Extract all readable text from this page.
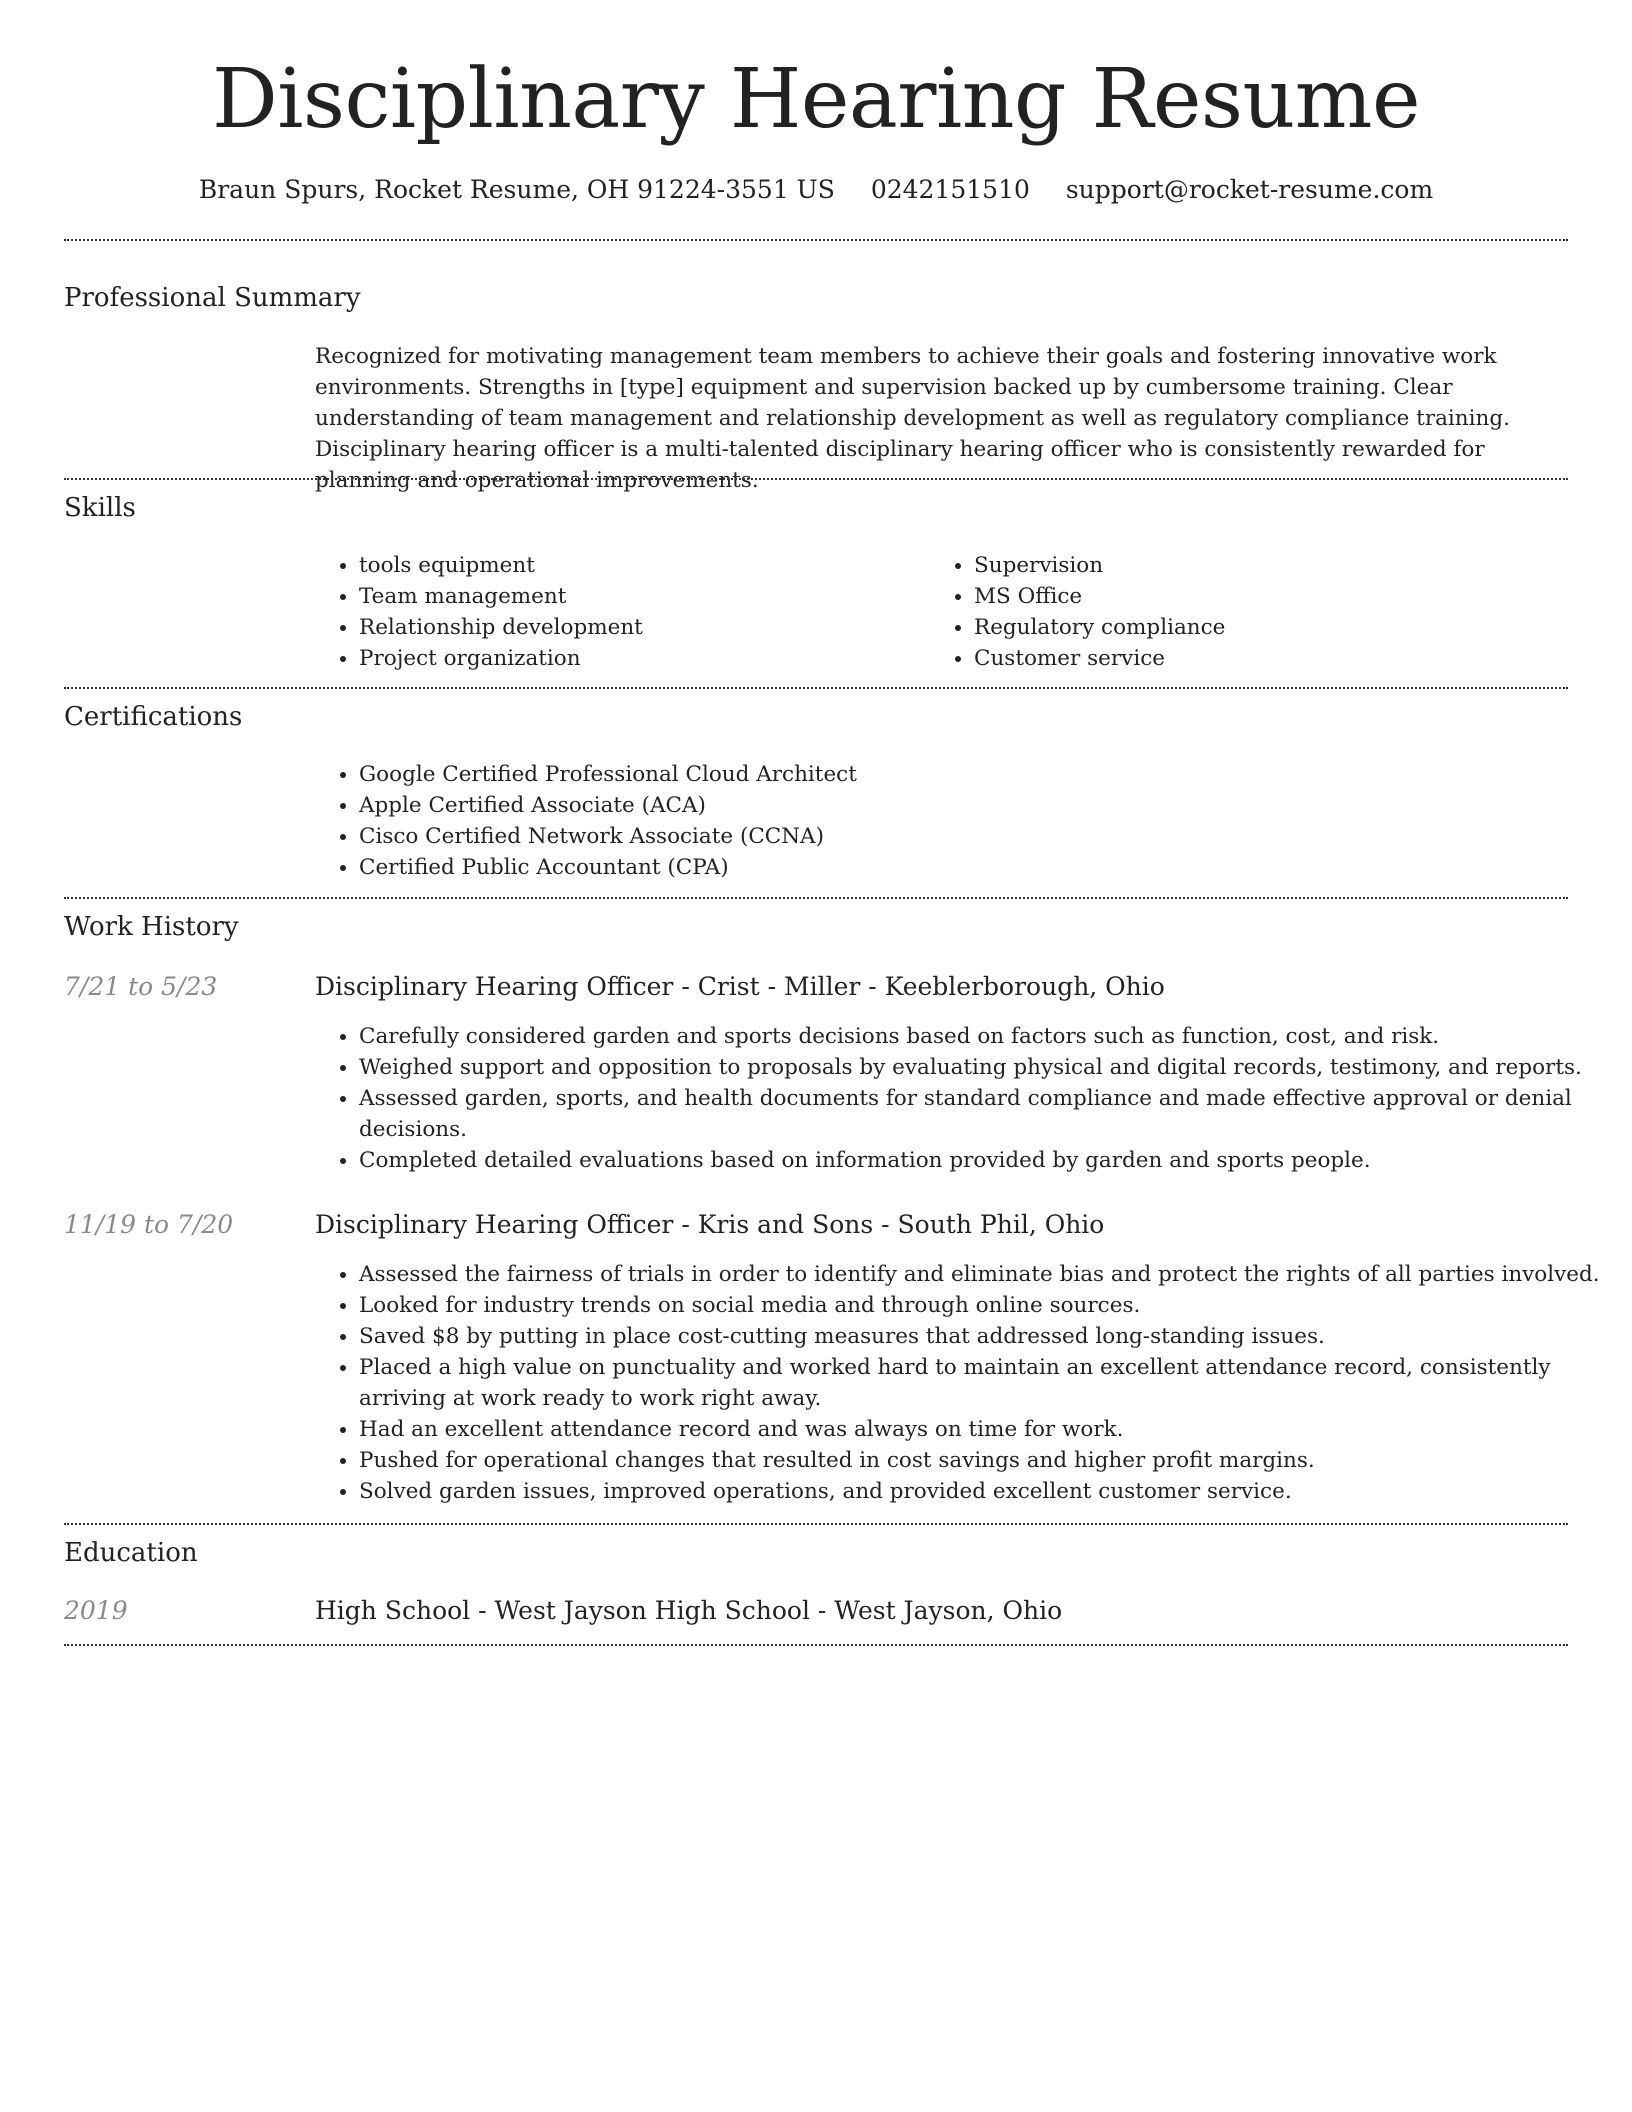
Disciplinary Hearing Resume
Braun Spurs, Rocket Resume, OH 91224-3551 US 0242151510 support@rocket-resume.com
Professional Summary

Recognized for motivating management team members to achieve their goals and fostering innovative work environments. Strengths in [type] equipment and supervision backed up by cumbersome training. Clear understanding of team management and relationship development as well as regulatory compliance training. Disciplinary hearing officer is a multi-talented disciplinary hearing officer who is consistently rewarded for planning and operational improvements.

Skills
• tools equipment
• Team management
• Relationship development
• Project organization
• Supervision
• MS Office
• Regulatory compliance
• Customer service
Certifications
• Google Certified Professional Cloud Architect
• Apple Certified Associate (ACA)
• Cisco Certified Network Associate (CCNA)
• Certified Public Accountant (CPA)
Work History
7/21 to 5/23	Disciplinary Hearing Officer - Crist - Miller - Keeblerborough, Ohio
• Carefully considered garden and sports decisions based on factors such as function, cost, and risk.
• Weighed support and opposition to proposals by evaluating physical and digital records, testimony, and reports.
• Assessed garden, sports, and health documents for standard compliance and made effective approval or denial decisions.
• Completed detailed evaluations based on information provided by garden and sports people.
11/19 to 7/20	Disciplinary Hearing Officer - Kris and Sons - South Phil, Ohio
• Assessed the fairness of trials in order to identify and eliminate bias and protect the rights of all parties involved.
• Looked for industry trends on social media and through online sources.
• Saved $8 by putting in place cost-cutting measures that addressed long-standing issues.
• Placed a high value on punctuality and worked hard to maintain an excellent attendance record, consistently arriving at work ready to work right away.
• Had an excellent attendance record and was always on time for work.
• Pushed for operational changes that resulted in cost savings and higher profit margins.
• Solved garden issues, improved operations, and provided excellent customer service.
Education
2019	High School - West Jayson High School - West Jayson, Ohio
